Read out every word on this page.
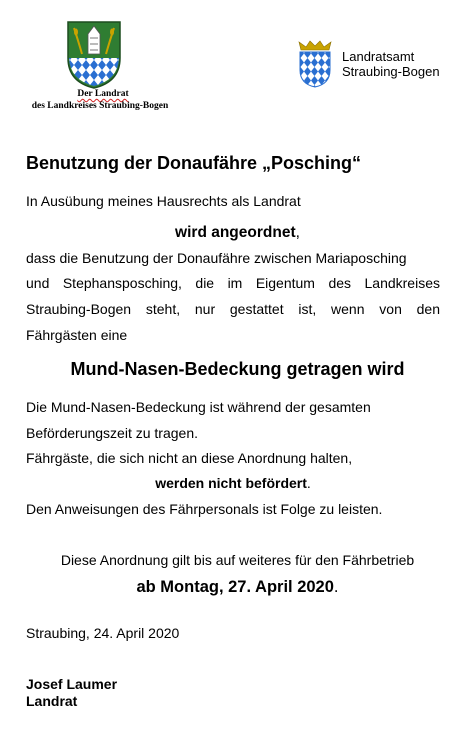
Der Landrat
des Landkreises Straubing-Bogen
Landratsamt
Straubing-Bogen
Benutzung der Donaufähre „Posching“
In Ausübung meines Hausrechts als Landrat
wird angeordnet,
dass die Benutzung der Donaufähre zwischen Mariaposching
und Stephansposching, die im Eigentum des Landkreises
Straubing-Bogen steht, nur gestattet ist, wenn von den
Fährgästen eine
Mund-Nasen-Bedeckung getragen wird
Die Mund-Nasen-Bedeckung ist während der gesamten
Beförderungszeit zu tragen.
Fährgäste, die sich nicht an diese Anordnung halten,
werden nicht befördert.
Den Anweisungen des Fährpersonals ist Folge zu leisten.
Diese Anordnung gilt bis auf weiteres für den Fährbetrieb
ab Montag, 27. April 2020.
Straubing, 24. April 2020
Josef Laumer
Landrat
